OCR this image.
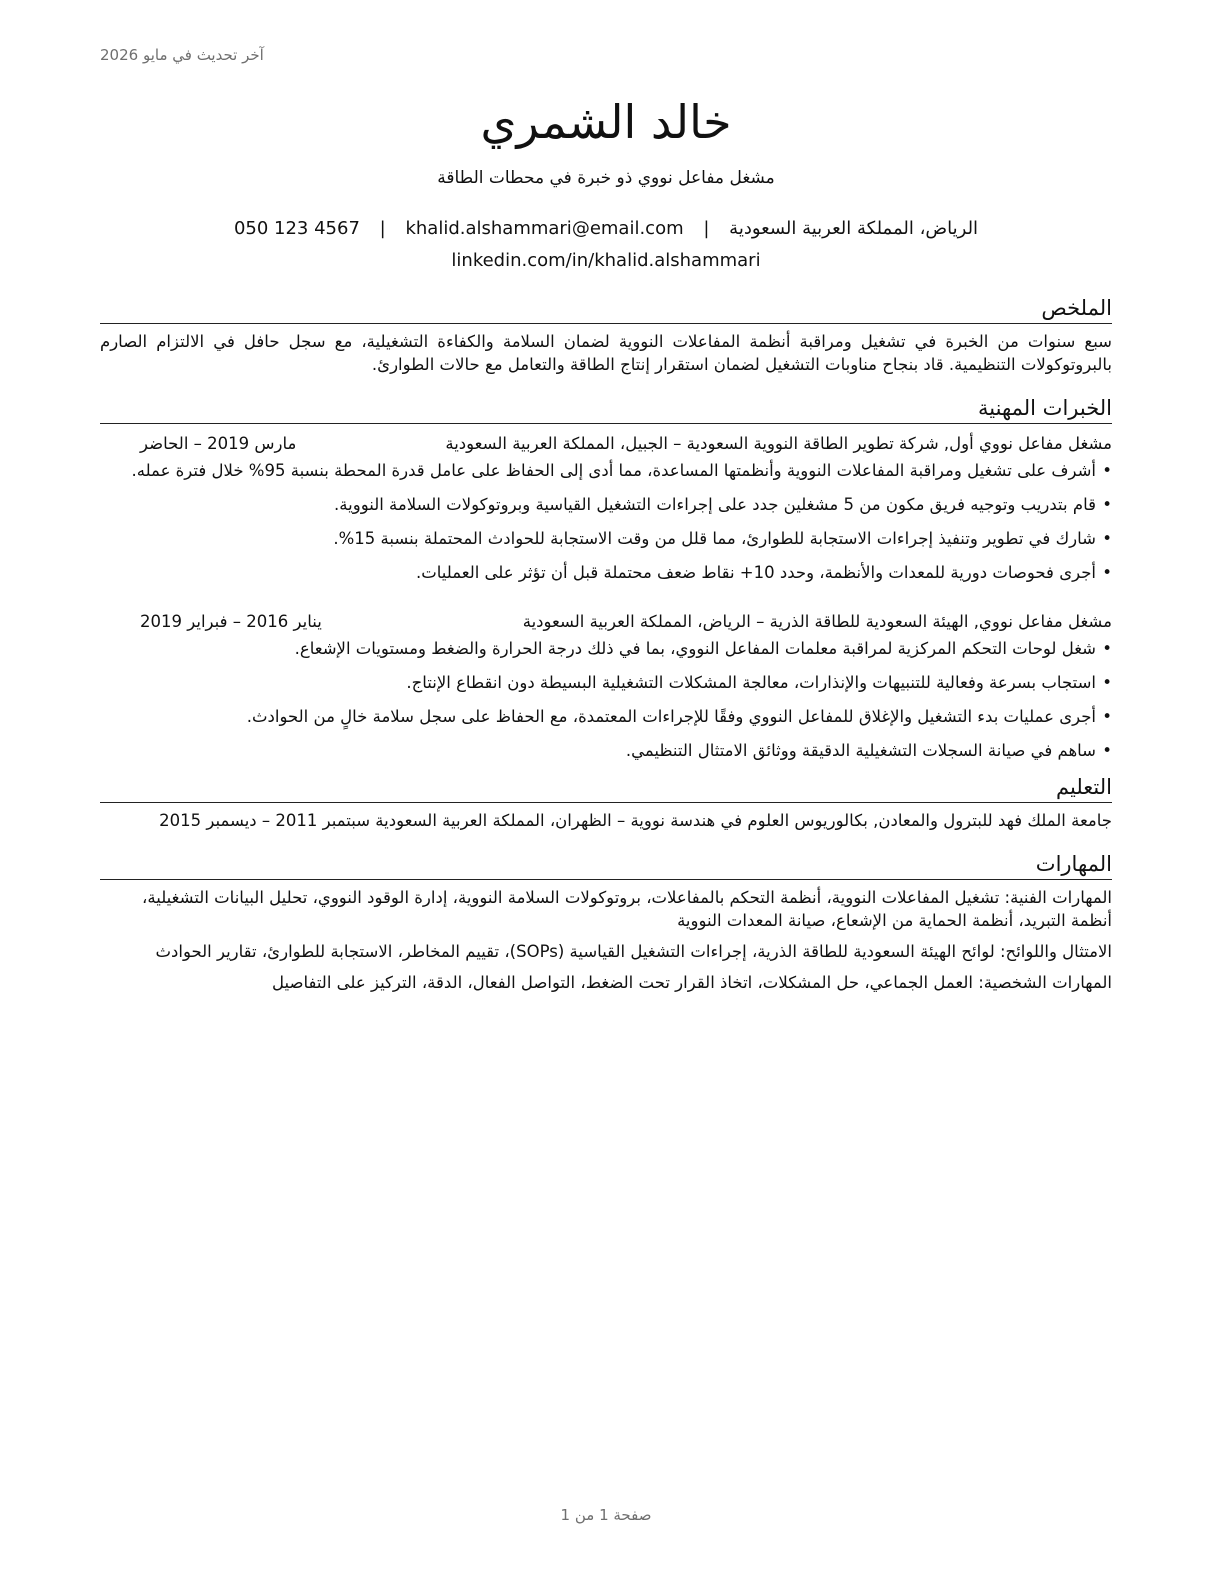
آخر تحديث في مايو 2026
خالد الشمري
مشغل مفاعل نووي ذو خبرة في محطات الطاقة
الرياض، المملكة العربية السعودية | khalid.alshammari@email.com | 050 123 4567
linkedin.com/in/khalid.alshammari
الملخص
سبع سنوات من الخبرة في تشغيل ومراقبة أنظمة المفاعلات النووية لضمان السلامة والكفاءة التشغيلية، مع سجل حافل في الالتزام الصارم بالبروتوكولات التنظيمية. قاد بنجاح مناوبات التشغيل لضمان استقرار إنتاج الطاقة والتعامل مع حالات الطوارئ.
الخبرات المهنية
مشغل مفاعل نووي أول, شركة تطوير الطاقة النووية السعودية – الجبيل، المملكة العربية السعودية
مارس 2019 – الحاضر
•
أشرف على تشغيل ومراقبة المفاعلات النووية وأنظمتها المساعدة، مما أدى إلى الحفاظ على عامل قدرة المحطة بنسبة 95% خلال فترة عمله.
•
قام بتدريب وتوجيه فريق مكون من 5 مشغلين جدد على إجراءات التشغيل القياسية وبروتوكولات السلامة النووية.
•
شارك في تطوير وتنفيذ إجراءات الاستجابة للطوارئ، مما قلل من وقت الاستجابة للحوادث المحتملة بنسبة 15%.
•
أجرى فحوصات دورية للمعدات والأنظمة، وحدد 10+ نقاط ضعف محتملة قبل أن تؤثر على العمليات.
مشغل مفاعل نووي, الهيئة السعودية للطاقة الذرية – الرياض، المملكة العربية السعودية
يناير 2016 – فبراير 2019
•
شغل لوحات التحكم المركزية لمراقبة معلمات المفاعل النووي، بما في ذلك درجة الحرارة والضغط ومستويات الإشعاع.
•
استجاب بسرعة وفعالية للتنبيهات والإنذارات، معالجة المشكلات التشغيلية البسيطة دون انقطاع الإنتاج.
•
أجرى عمليات بدء التشغيل والإغلاق للمفاعل النووي وفقًا للإجراءات المعتمدة، مع الحفاظ على سجل سلامة خالٍ من الحوادث.
•
ساهم في صيانة السجلات التشغيلية الدقيقة ووثائق الامتثال التنظيمي.
التعليم
جامعة الملك فهد للبترول والمعادن, بكالوريوس العلوم في هندسة نووية – الظهران، المملكة العربية السعودية سبتمبر 2011 – ديسمبر 2015
المهارات
المهارات الفنية: تشغيل المفاعلات النووية، أنظمة التحكم بالمفاعلات، بروتوكولات السلامة النووية، إدارة الوقود النووي، تحليل البيانات التشغيلية، أنظمة التبريد، أنظمة الحماية من الإشعاع، صيانة المعدات النووية
الامتثال واللوائح: لوائح الهيئة السعودية للطاقة الذرية، إجراءات التشغيل القياسية (SOPs)، تقييم المخاطر، الاستجابة للطوارئ، تقارير الحوادث
المهارات الشخصية: العمل الجماعي، حل المشكلات، اتخاذ القرار تحت الضغط، التواصل الفعال، الدقة، التركيز على التفاصيل
صفحة 1 من 1
